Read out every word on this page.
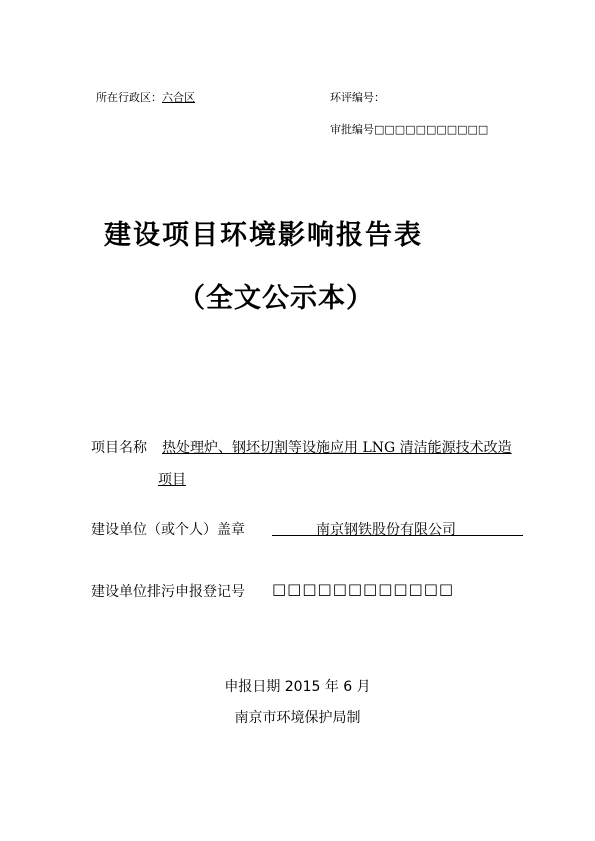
所在行政区：六合区	环评编号：
审批编号□□□□□□□□□□□
建设项目环境影响报告表
（全文公示本）
项目名称 热处理炉、钢坯切割等设施应用 LNG 清洁能源技术改造
项目
建设单位（或个人）盖章	南京钢铁股份有限公司
建设单位排污申报登记号 □□□□□□□□□□□□
申报日期 2015 年 6 月
南京市环境保护局制
